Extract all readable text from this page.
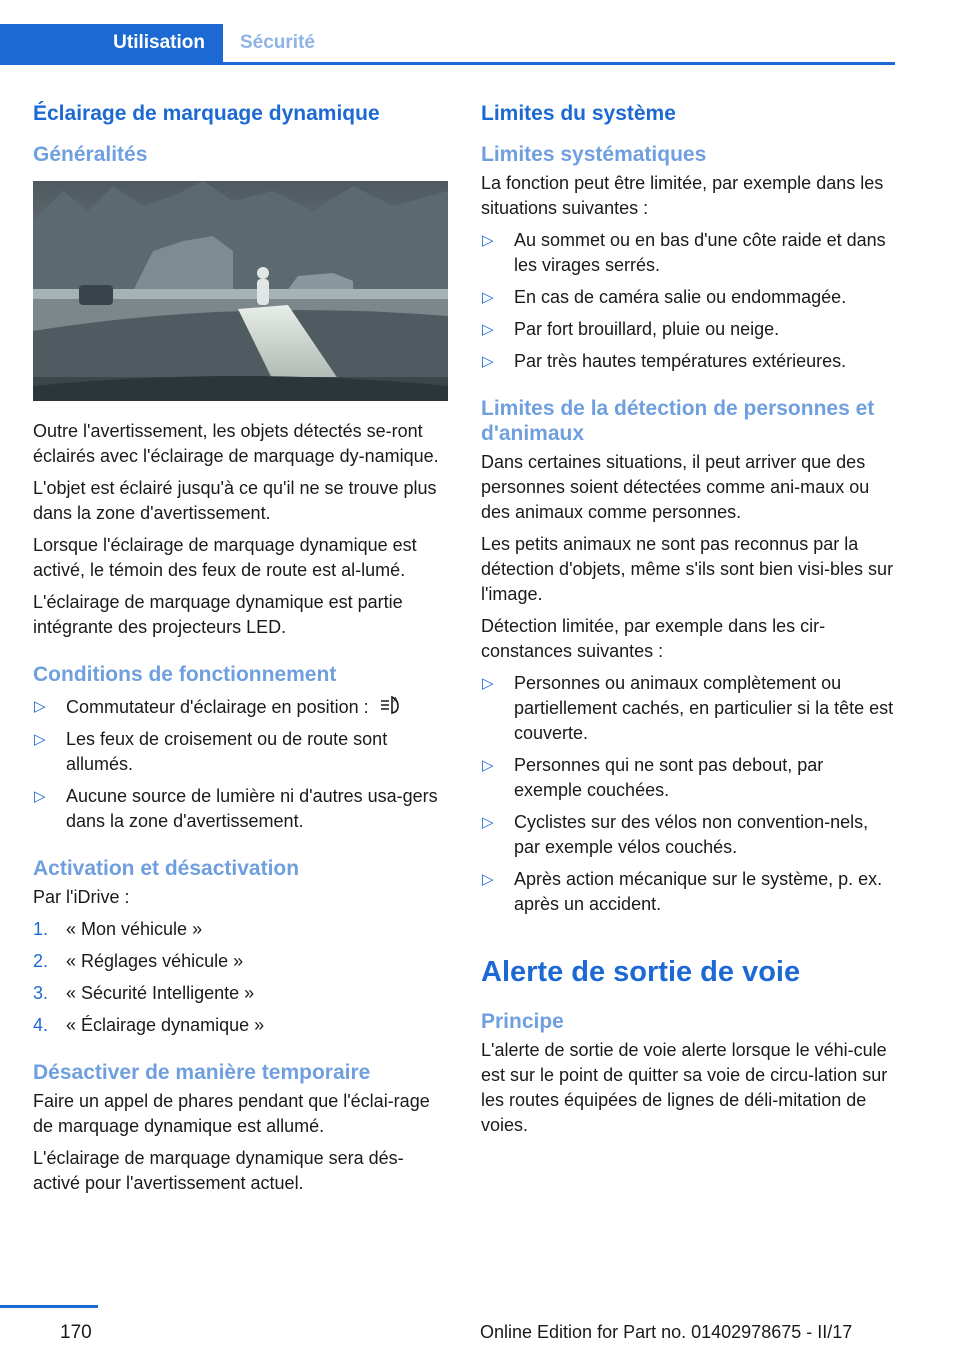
Utilisation	Sécurité
Éclairage de marquage dynamique
Généralités

Outre l'avertissement, les objets détectés se-ront éclairés avec l'éclairage de marquage dy-namique.

L'objet est éclairé jusqu'à ce qu'il ne se trouve plus dans la zone d'avertissement.

Lorsque l'éclairage de marquage dynamique est activé, le témoin des feux de route est al-lumé.

L'éclairage de marquage dynamique est partie intégrante des projecteurs LED.

Conditions de fonctionnement
▷ Commutateur d'éclairage en position :	A
▷ Les feux de croisement ou de route sont allumés.
▷ Aucune source de lumière ni d'autres usa-gers dans la zone d'avertissement.
Activation et désactivation

Par l'iDrive :

1. « Mon véhicule »
2. « Réglages véhicule »
3. « Sécurité Intelligente »
4. « Éclairage dynamique »
Désactiver de manière temporaire

Faire un appel de phares pendant que l'éclai-rage de marquage dynamique est allumé.

L'éclairage de marquage dynamique sera dés-activé pour l'avertissement actuel.

Limites du système
Limites systématiques

La fonction peut être limitée, par exemple dans les situations suivantes :

▷ Au sommet ou en bas d'une côte raide et dans les virages serrés.
▷ En cas de caméra salie ou endommagée.
▷ Par fort brouillard, pluie ou neige.
▷ Par très hautes températures extérieures.
Limites de la détection de personnes et d'animaux

Dans certaines situations, il peut arriver que des personnes soient détectées comme ani-maux ou des animaux comme personnes.

Les petits animaux ne sont pas reconnus par la détection d'objets, même s'ils sont bien visi-bles sur l'image.

Détection limitée, par exemple dans les cir-constances suivantes :

▷ Personnes ou animaux complètement ou partiellement cachés, en particulier si la tête est couverte.
▷ Personnes qui ne sont pas debout, par exemple couchées.
▷ Cyclistes sur des vélos non convention-nels, par exemple vélos couchés.
▷ Après action mécanique sur le système, p. ex. après un accident.
Alerte de sortie de voie
Principe

L'alerte de sortie de voie alerte lorsque le véhi-cule est sur le point de quitter sa voie de circu-lation sur les routes équipées de lignes de déli-mitation de voies.

170	Online Edition for Part no. 01402978675 - II/17
